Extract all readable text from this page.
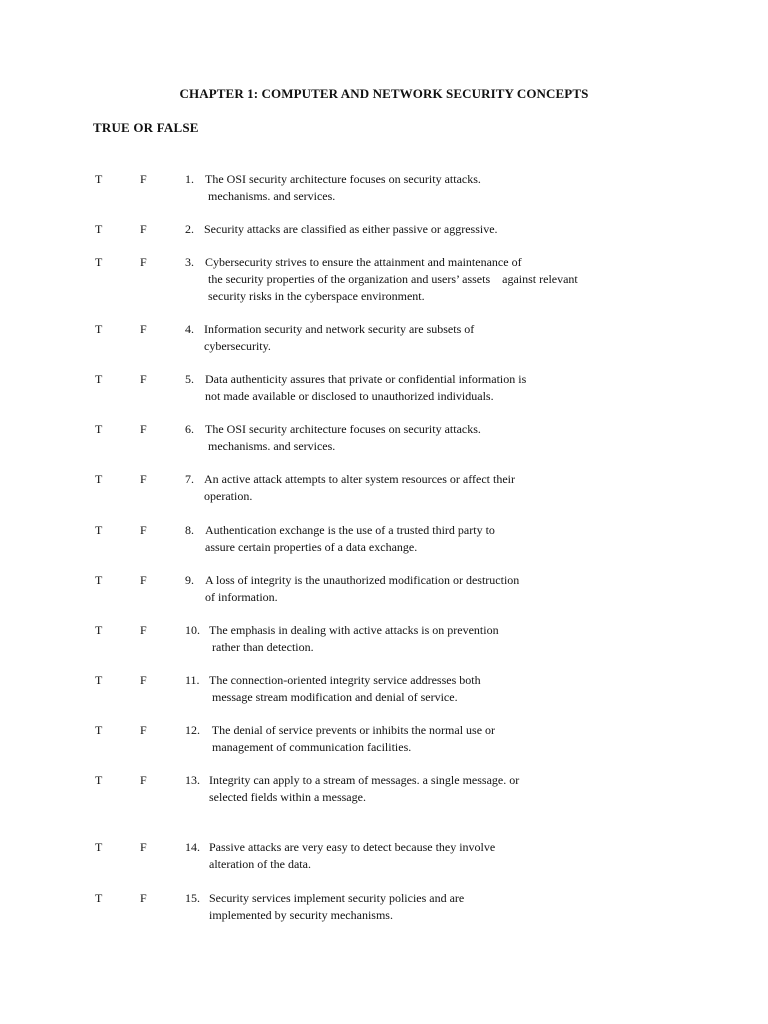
CHAPTER 1: COMPUTER AND NETWORK SECURITY CONCEPTS
TRUE OR FALSE
T	F	1. The OSI security architecture focuses on security attacks.
mechanisms. and services.
T	F	2. Security attacks are classified as either passive or aggressive.
T	F	3. Cybersecurity strives to ensure the attainment and maintenance of
the security properties of the organization and users’ assets    against relevant
security risks in the cyberspace environment.
T	F	4. Information security and network security are subsets of
cybersecurity.
T	F	5. Data authenticity assures that private or confidential information is
not made available or disclosed to unauthorized individuals.
T	F	6. The OSI security architecture focuses on security attacks.
mechanisms. and services.
T	F	7. An active attack attempts to alter system resources or affect their
operation.
T	F	8. Authentication exchange is the use of a trusted third party to
assure certain properties of a data exchange.
T	F	9. A loss of integrity is the unauthorized modification or destruction
of information.
T	F	10. The emphasis in dealing with active attacks is on prevention
rather than detection.
T	F	11. The connection-oriented integrity service addresses both
message stream modification and denial of service.
T	F	12. The denial of service prevents or inhibits the normal use or
management of communication facilities.
T	F	13. Integrity can apply to a stream of messages. a single message. or
selected fields within a message.
T	F	14. Passive attacks are very easy to detect because they involve
alteration of the data.
T	F	15. Security services implement security policies and are
implemented by security mechanisms.
